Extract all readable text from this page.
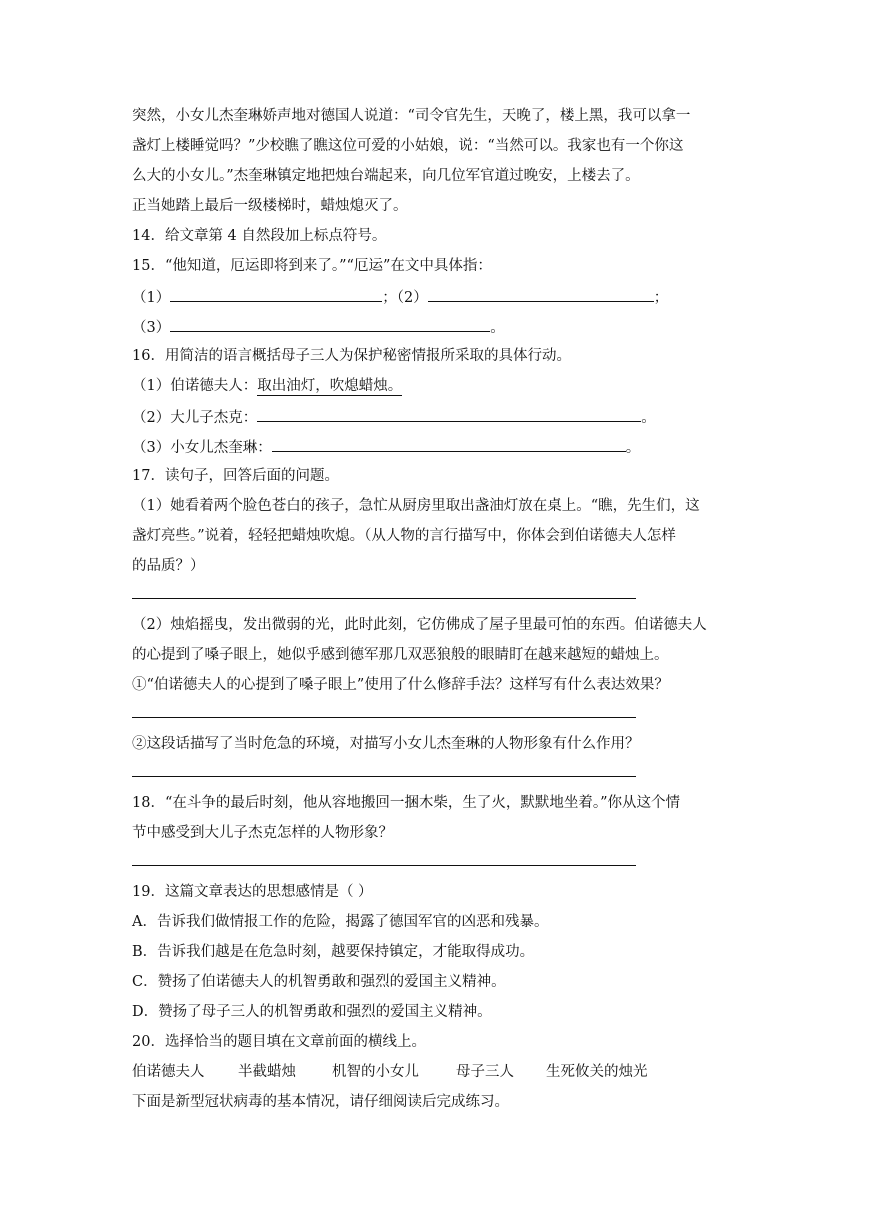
突然，小女儿杰奎琳娇声地对德国人说道：“司令官先生，天晚了，楼上黑，我可以拿一
盏灯上楼睡觉吗？”少校瞧了瞧这位可爱的小姑娘，说：“当然可以。我家也有一个你这
么大的小女儿。”杰奎琳镇定地把烛台端起来，向几位军官道过晚安，上楼去了。
正当她踏上最后一级楼梯时，蜡烛熄灭了。
14．给文章第 4 自然段加上标点符号。
15．“他知道，厄运即将到来了。”“厄运”在文中具体指：
（1）	；（2）	；
（3）	。
16．用简洁的语言概括母子三人为保护秘密情报所采取的具体行动。
（1）伯诺德夫人：取出油灯，吹熄蜡烛。
（2）大儿子杰克：	。
（3）小女儿杰奎琳：	。
17．读句子，回答后面的问题。
（1）她看着两个脸色苍白的孩子，急忙从厨房里取出盏油灯放在桌上。“瞧，先生们，这
盏灯亮些。”说着，轻轻把蜡烛吹熄。（从人物的言行描写中，你体会到伯诺德夫人怎样
的品质？）
（2）烛焰摇曳，发出微弱的光，此时此刻，它仿佛成了屋子里最可怕的东西。伯诺德夫人
的心提到了嗓子眼上，她似乎感到德军那几双恶狼般的眼睛盯在越来越短的蜡烛上。
①“伯诺德夫人的心提到了嗓子眼上”使用了什么修辞手法？这样写有什么表达效果？
②这段话描写了当时危急的环境，对描写小女儿杰奎琳的人物形象有什么作用？
18．“在斗争的最后时刻，他从容地搬回一捆木柴，生了火，默默地坐着。”你从这个情
节中感受到大儿子杰克怎样的人物形象？
19．这篇文章表达的思想感情是（ ）
A．告诉我们做情报工作的危险，揭露了德国军官的凶恶和残暴。
B．告诉我们越是在危急时刻，越要保持镇定，才能取得成功。
C．赞扬了伯诺德夫人的机智勇敢和强烈的爱国主义精神。
D．赞扬了母子三人的机智勇敢和强烈的爱国主义精神。
20．选择恰当的题目填在文章前面的横线上。
伯诺德夫人 半截蜡烛 机智的小女儿	母子三人 生死攸关的烛光
下面是新型冠状病毒的基本情况，请仔细阅读后完成练习。
